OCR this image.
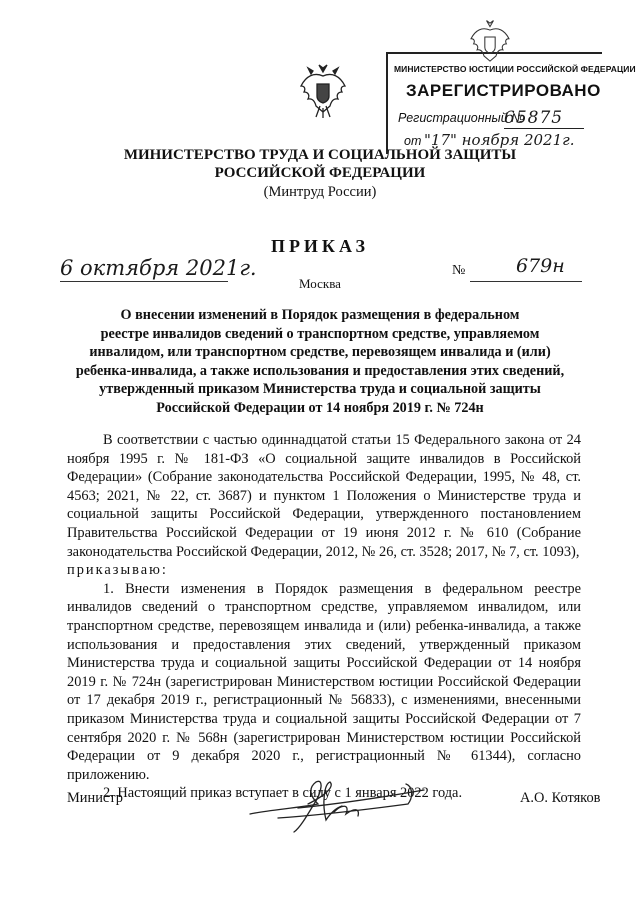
МИНИСТЕРСТВО ЮСТИЦИИ РОССИЙСКОЙ ФЕДЕРАЦИИ
ЗАРЕГИСТРИРОВАНО
Регистрационный №
65875
от "17" ноября 2021г.
МИНИСТЕРСТВО ТРУДА И СОЦИАЛЬНОЙ ЗАЩИТЫ
РОССИЙСКОЙ ФЕДЕРАЦИИ
(Минтруд России)
ПРИКАЗ
6 октября 2021г.
Москва
№	679н
О внесении изменений в Порядок размещения в федеральном
реестре инвалидов сведений о транспортном средстве, управляемом
инвалидом, или транспортном средстве, перевозящем инвалида и (или)
ребенка-инвалида, а также использования и предоставления этих сведений,
утвержденный приказом Министерства труда и социальной защиты
Российской Федерации от 14 ноября 2019 г. № 724н

В соответствии с частью одиннадцатой статьи 15 Федерального закона от 24 ноября 1995 г. № 181-ФЗ «О социальной защите инвалидов в Российской Федерации» (Собрание законодательства Российской Федерации, 1995, № 48, ст. 4563; 2021, № 22, ст. 3687) и пунктом 1 Положения о Министерстве труда и социальной защиты Российской Федерации, утвержденного постановлением Правительства Российской Федерации от 19 июня 2012 г. № 610 (Собрание законодательства Российской Федерации, 2012, № 26, ст. 3528; 2017, № 7, ст. 1093),

приказываю:

1. Внести изменения в Порядок размещения в федеральном реестре инвалидов сведений о транспортном средстве, управляемом инвалидом, или транспортном средстве, перевозящем инвалида и (или) ребенка-инвалида, а также использования и предоставления этих сведений, утвержденный приказом Министерства труда и социальной защиты Российской Федерации от 14 ноября 2019 г. № 724н (зарегистрирован Министерством юстиции Российской Федерации от 17 декабря 2019 г., регистрационный № 56833), с изменениями, внесенными приказом Министерства труда и социальной защиты Российской Федерации от 7 сентября 2020 г. № 568н (зарегистрирован Министерством юстиции Российской Федерации от 9 декабря 2020 г., регистрационный № 61344), согласно приложению.

2. Настоящий приказ вступает в силу с 1 января 2022 года.

Министр	А.О. Котяков
